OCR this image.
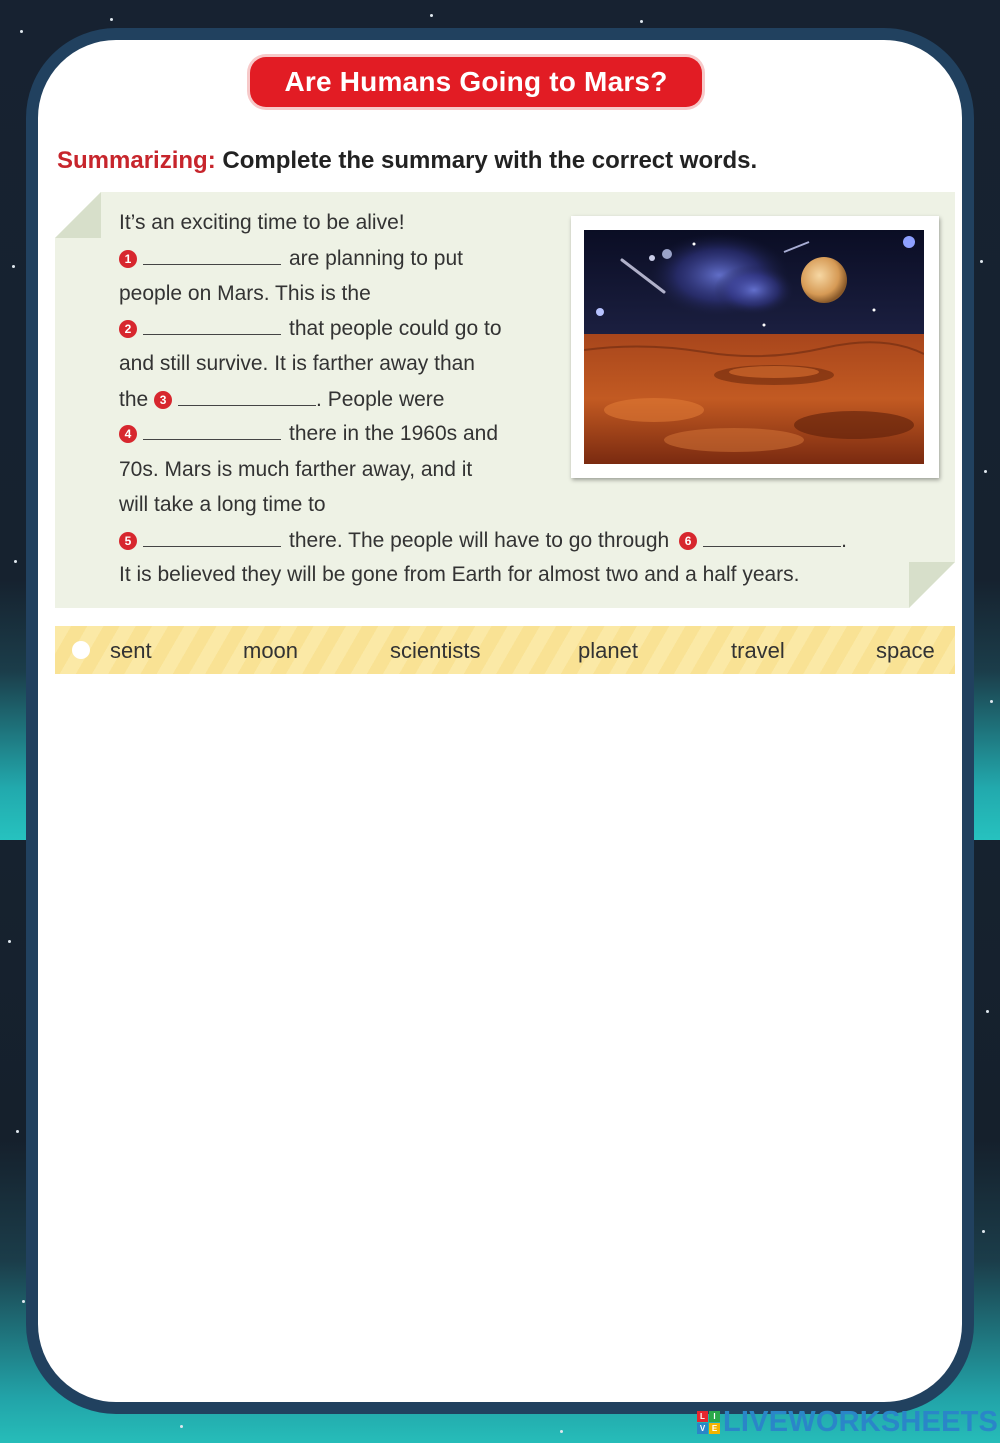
Are Humans Going to Mars?
Summarizing: Complete the summary with the correct words.
It’s an exciting time to be alive!
1	are planning to put
people on Mars. This is the
2	that people could go to
and still survive. It is farther away than
the 3	. People were
4	there in the 1960s and
70s. Mars is much farther away, and it
will take a long time to
5	there. The people will have to go through 6	.
It is believed they will be gone from Earth for almost two and a half years.
sent	moon	scientists	planet	travel	space
L	I
V E LIVEWORKSHEETS
